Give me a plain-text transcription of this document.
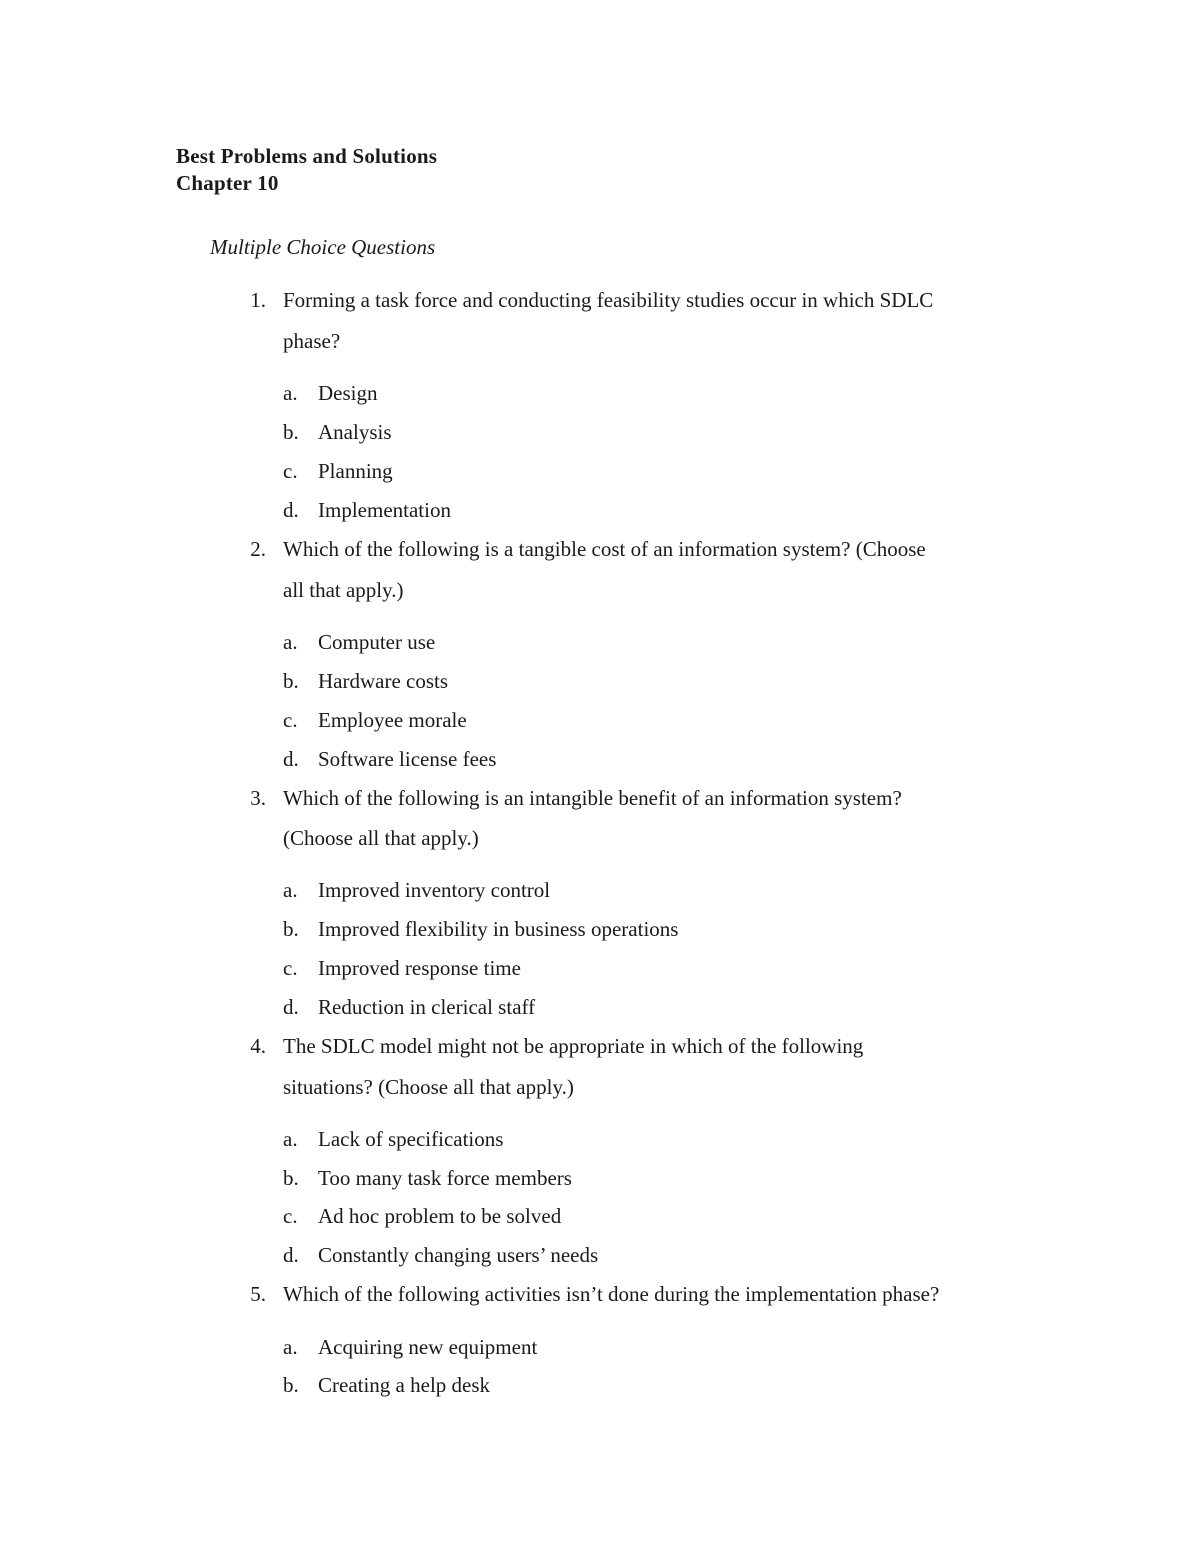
Best Problems and Solutions
Chapter 10
Multiple Choice Questions
1. Forming a task force and conducting feasibility studies occur in which SDLC
phase?
a. Design
b. Analysis
c. Planning
d. Implementation
2. Which of the following is a tangible cost of an information system? (Choose
all that apply.)
a. Computer use
b. Hardware costs
c. Employee morale
d. Software license fees
3. Which of the following is an intangible benefit of an information system?
(Choose all that apply.)
a. Improved inventory control
b. Improved flexibility in business operations
c. Improved response time
d. Reduction in clerical staff
4. The SDLC model might not be appropriate in which of the following
situations? (Choose all that apply.)
a. Lack of specifications
b. Too many task force members
c. Ad hoc problem to be solved
d. Constantly changing users’ needs
5. Which of the following activities isn’t done during the implementation phase?
a. Acquiring new equipment
b. Creating a help desk
